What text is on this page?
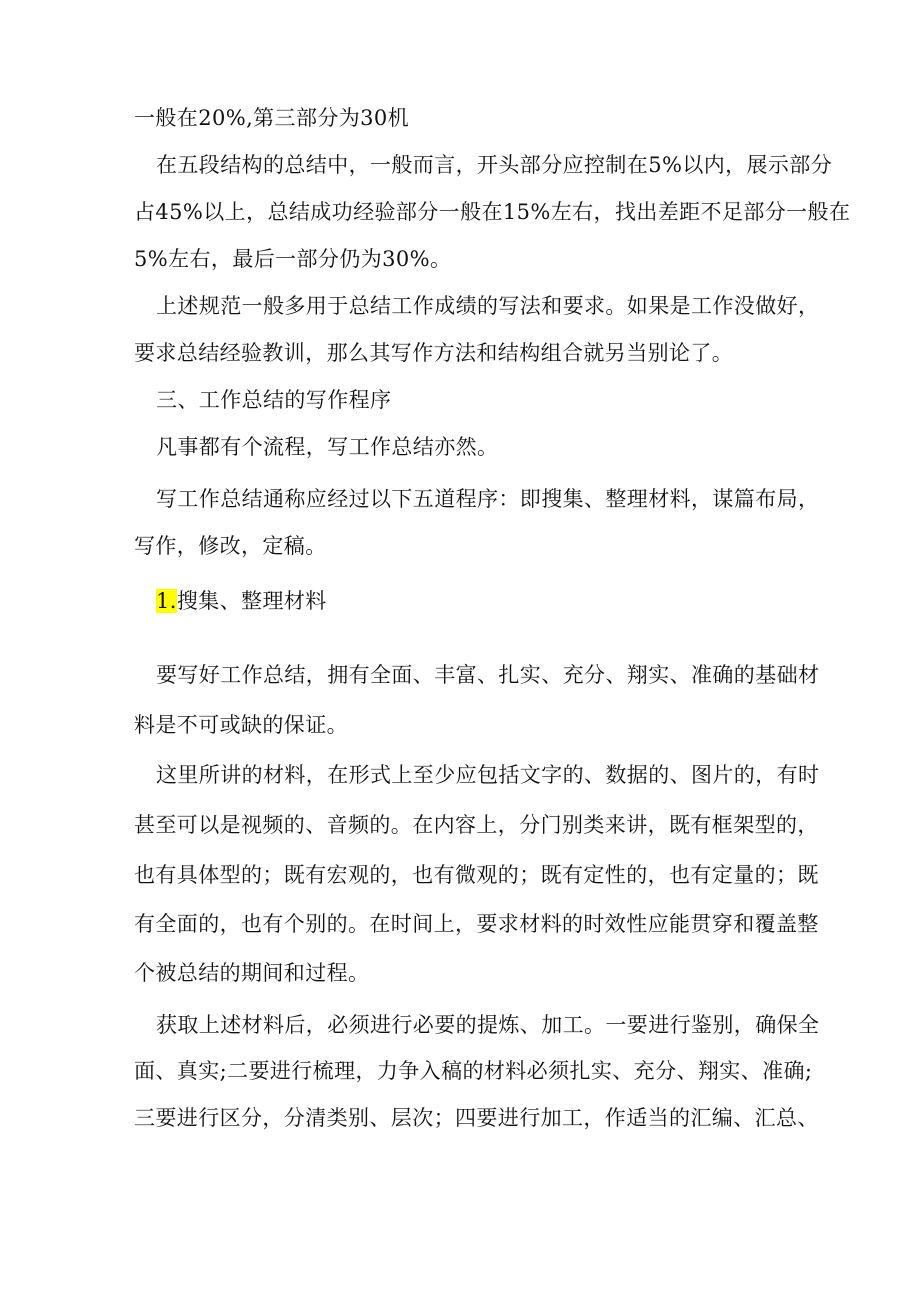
一般在20%,第三部分为30机
在五段结构的总结中，一般而言，开头部分应控制在5%以内，展示部分
占45%以上，总结成功经验部分一般在15%左右，找出差距不足部分一般在
5%左右，最后一部分仍为30%。
上述规范一般多用于总结工作成绩的写法和要求。如果是工作没做好，
要求总结经验教训，那么其写作方法和结构组合就另当别论了。
三、工作总结的写作程序
凡事都有个流程，写工作总结亦然。
写工作总结通称应经过以下五道程序：即搜集、整理材料，谋篇布局，
写作，修改，定稿。
1.搜集、整理材料
要写好工作总结，拥有全面、丰富、扎实、充分、翔实、准确的基础材
料是不可或缺的保证。
这里所讲的材料，在形式上至少应包括文字的、数据的、图片的，有时
甚至可以是视频的、音频的。在内容上，分门别类来讲，既有框架型的，
也有具体型的；既有宏观的，也有微观的；既有定性的，也有定量的；既
有全面的，也有个别的。在时间上，要求材料的时效性应能贯穿和覆盖整
个被总结的期间和过程。
获取上述材料后，必须进行必要的提炼、加工。一要进行鉴别，确保全
面、真实;二要进行梳理，力争入稿的材料必须扎实、充分、翔实、准确;
三要进行区分，分清类别、层次；四要进行加工，作适当的汇编、汇总、
